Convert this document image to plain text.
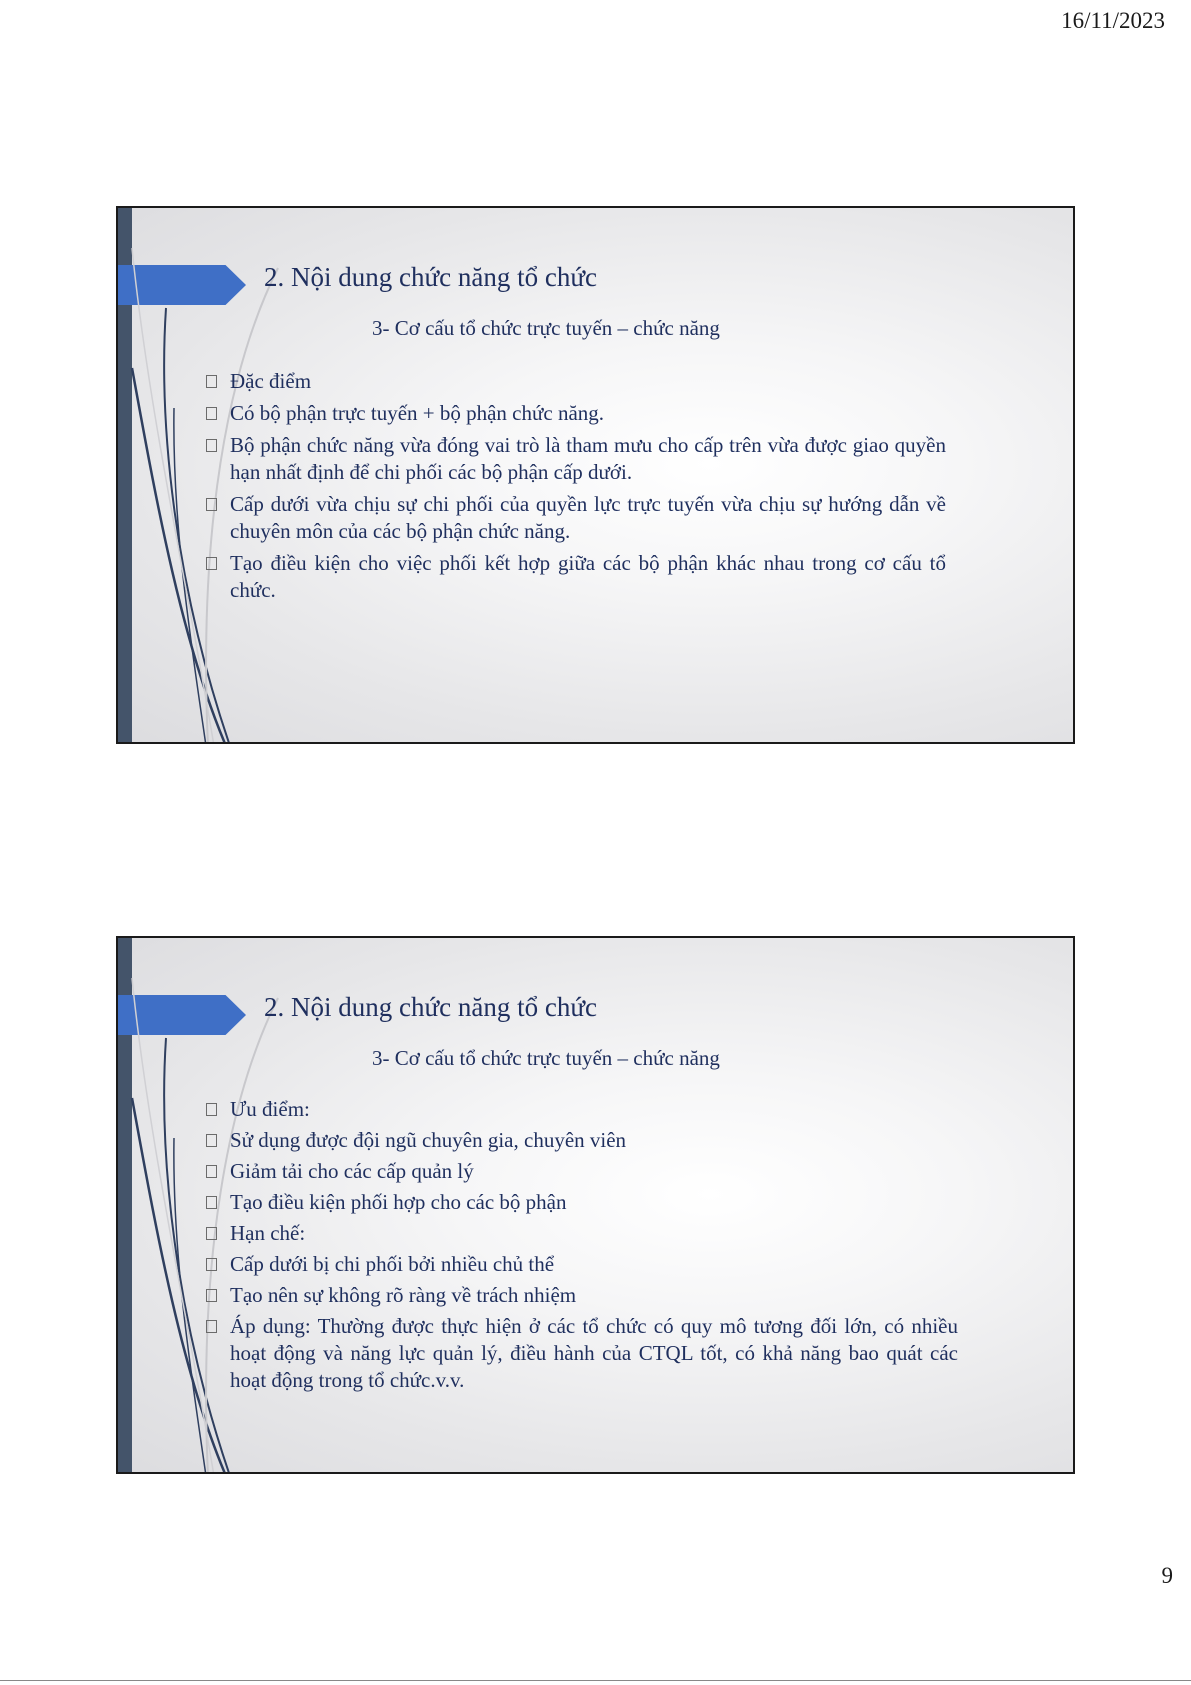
16/11/2023
2. Nội dung chức năng tổ chức
3- Cơ cấu tổ chức trực tuyến – chức năng
Đặc điểm
Có bộ phận trực tuyến + bộ phận chức năng.
Bộ phận chức năng vừa đóng vai trò là tham mưu cho cấp trên vừa được giao quyền hạn nhất định để chi phối các bộ phận cấp dưới.
Cấp dưới vừa chịu sự chi phối của quyền lực trực tuyến vừa chịu sự hướng dẫn về chuyên môn của các bộ phận chức năng.
Tạo điều kiện cho việc phối kết hợp giữa các bộ phận khác nhau trong cơ cấu tổ chức.
2. Nội dung chức năng tổ chức
3- Cơ cấu tổ chức trực tuyến – chức năng
Ưu điểm:
Sử dụng được đội ngũ chuyên gia, chuyên viên
Giảm tải cho các cấp quản lý
Tạo điều kiện phối hợp cho các bộ phận
Hạn chế:
Cấp dưới bị chi phối bởi nhiều chủ thể
Tạo nên sự không rõ ràng về trách nhiệm
Áp dụng: Thường được thực hiện ở các tổ chức có quy mô tương đối lớn, có nhiều hoạt động và năng lực quản lý, điều hành của CTQL tốt, có khả năng bao quát các hoạt động trong tổ chức.v.v.
9
